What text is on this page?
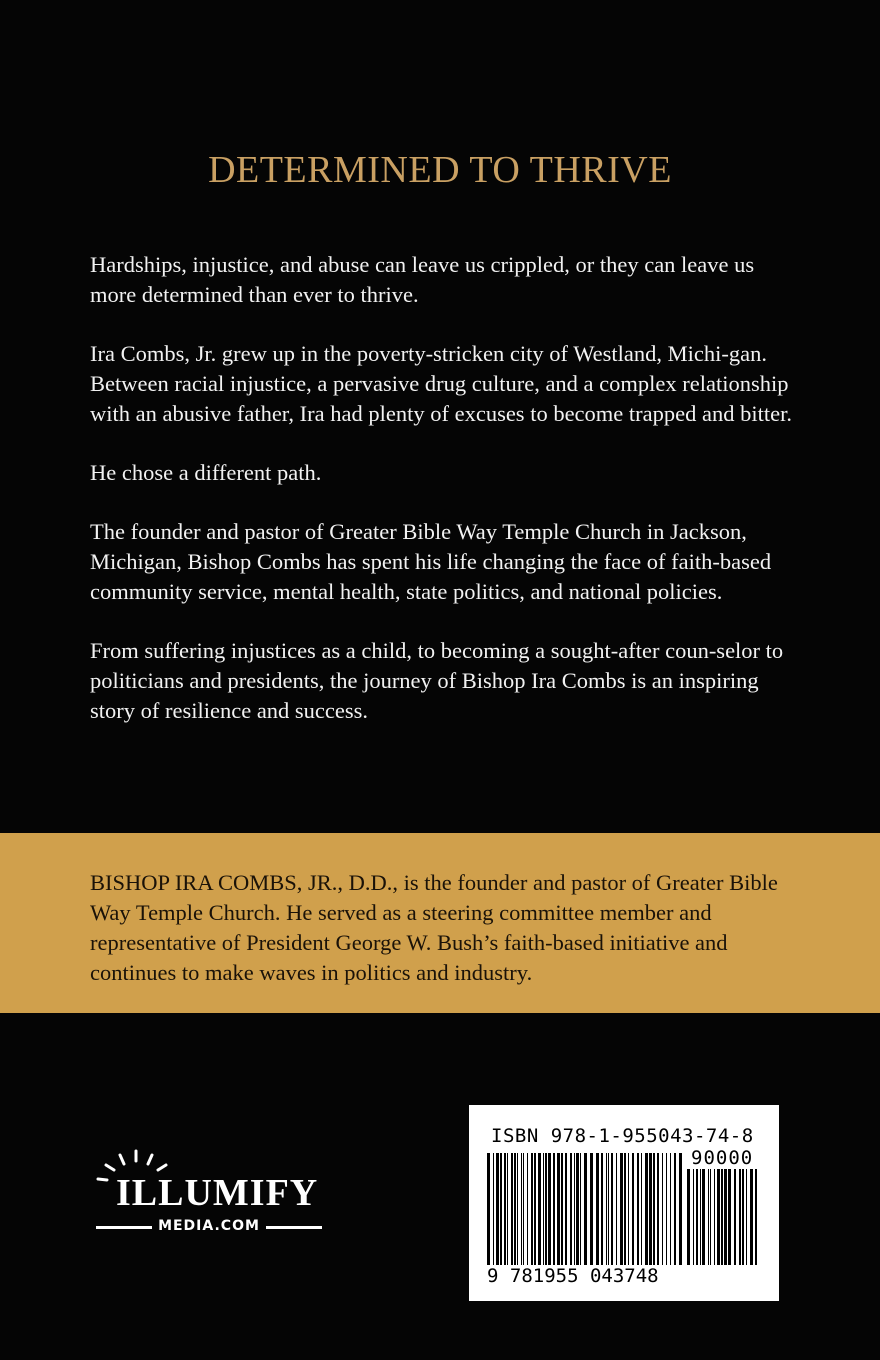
DETERMINED TO THRIVE

Hardships, injustice, and abuse can leave us crippled, or they can leave us more determined than ever to thrive.

Ira Combs, Jr. grew up in the poverty-stricken city of Westland, Michi-gan. Between racial injustice, a pervasive drug culture, and a complex relationship with an abusive father, Ira had plenty of excuses to become trapped and bitter.

He chose a different path.

The founder and pastor of Greater Bible Way Temple Church in Jackson, Michigan, Bishop Combs has spent his life changing the face of faith-based community service, mental health, state politics, and national policies.

From suffering injustices as a child, to becoming a sought-after coun-selor to politicians and presidents, the journey of Bishop Ira Combs is an inspiring story of resilience and success.

BISHOP IRA COMBS, JR., D.D., is the founder and pastor of Greater Bible Way Temple Church. He served as a steering committee member and representative of President George W. Bush’s faith-based initiative and continues to make waves in politics and industry.
ILLUMIFY
MEDIA.COM
ISBN 978-1-955043-74-8
90000
9 781955 043748
